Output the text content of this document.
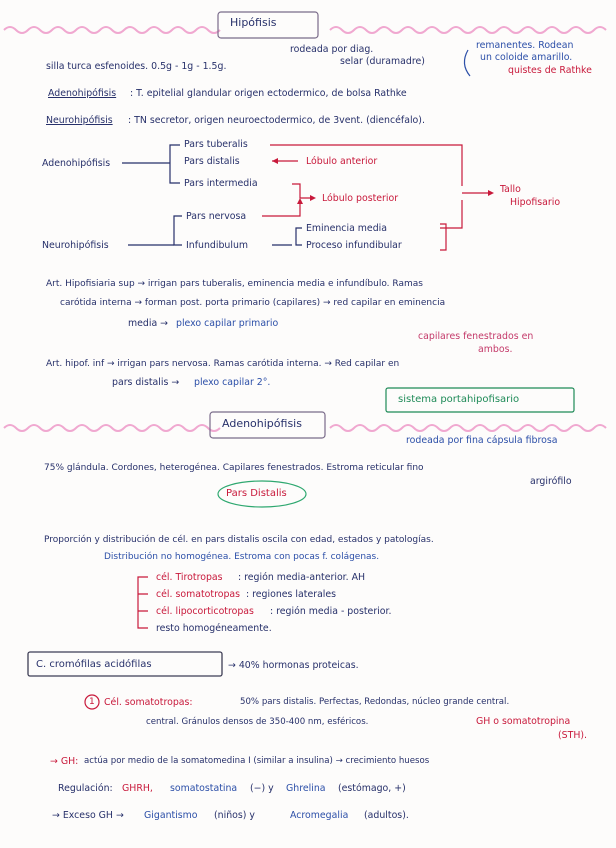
Hipófisis
rodeada por diag.
selar (duramadre)
remanentes. Rodean
un coloide amarillo.
quistes de Rathke
silla turca esfenoides. 0.5g - 1g - 1.5g.
Adenohipófisis : T. epitelial glandular origen ectodermico, de bolsa Rathke
Neurohipófisis : TN secretor, origen neuroectodermico, de 3vent. (diencéfalo).
Adenohipófisis
Neurohipófisis
Pars tuberalis
Pars distalis
Pars intermedia
Pars nervosa
Infundibulum
Lóbulo anterior
Lóbulo posterior
Eminencia media
Proceso infundibular
Tallo
Hipofisario
Art. Hipofisiaria sup → irrigan pars tuberalis, eminencia media e infundíbulo. Ramas
carótida interna → forman post. porta primario (capilares) → red capilar en eminencia
media → plexo capilar primario
capilares fenestrados en
ambos.
Art. hipof. inf → irrigan pars nervosa. Ramas carótida interna. → Red capilar en
pars distalis → plexo capilar 2°.
sistema portahipofisario
Adenohipófisis
rodeada por fina cápsula fibrosa
75% glándula. Cordones, heterogénea. Capilares fenestrados. Estroma reticular fino
argirófilo
Pars Distalis
Proporción y distribución de cél. en pars distalis oscila con edad, estados y patologías.
Distribución no homogénea. Estroma con pocas f. colágenas.
cél. Tirotropas : región media-anterior. AH
cél. somatotropas : regiones laterales
cél. lipocorticotropas : región media - posterior.
resto homogéneamente.
C. cromófilas acidófilas	→ 40% hormonas proteicas.
1 Cél. somatotropas:	50% pars distalis. Perfectas, Redondas, núcleo grande central.
central. Gránulos densos de 350-400 nm, esféricos.	GH o somatotropina
(STH).
→ GH: actúa por medio de la somatomedina I (similar a insulina) → crecimiento huesos
Regulación: GHRH, somatostatina (−) y Ghrelina (estómago, +)
→ Exceso GH → Gigantismo (niños) y	Acromegalia (adultos).
